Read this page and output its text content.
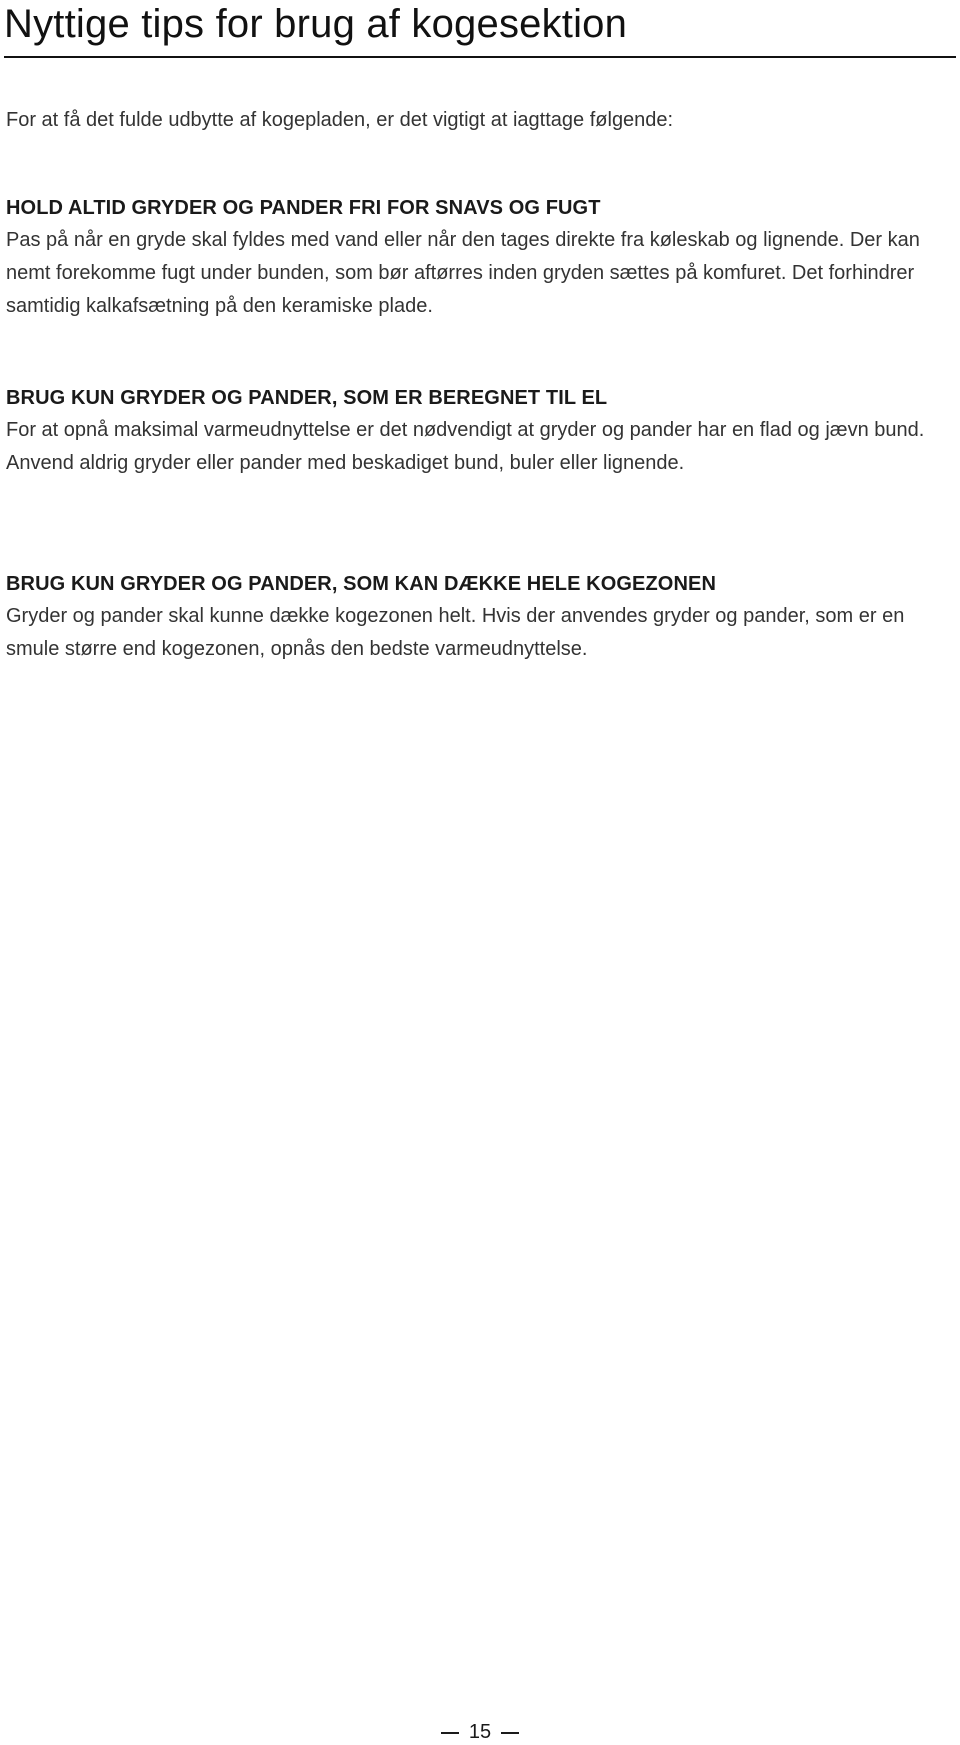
Nyttige tips for brug af kogesektion

For at få det fulde udbytte af kogepladen, er det vigtigt at iagttage følgende:

HOLD ALTID GRYDER OG PANDER FRI FOR SNAVS OG FUGT

Pas på når en gryde skal fyldes med vand eller når den tages direkte fra køleskab og lignende. Der kan nemt forekomme fugt under bunden, som bør aftørres inden gryden sættes på komfuret. Det forhindrer samtidig kalkafsætning på den keramiske plade.

BRUG KUN GRYDER OG PANDER, SOM ER BEREGNET TIL EL

For at opnå maksimal varmeudnyttelse er det nødvendigt at gryder og pander har en flad og jævn bund. Anvend aldrig gryder eller pander med beskadiget bund, buler eller lignende.

BRUG KUN GRYDER OG PANDER, SOM KAN DÆKKE HELE KOGEZONEN

Gryder og pander skal kunne dække kogezonen helt. Hvis der anvendes gryder og pander, som er en smule større end kogezonen, opnås den bedste varmeudnyttelse.

15
